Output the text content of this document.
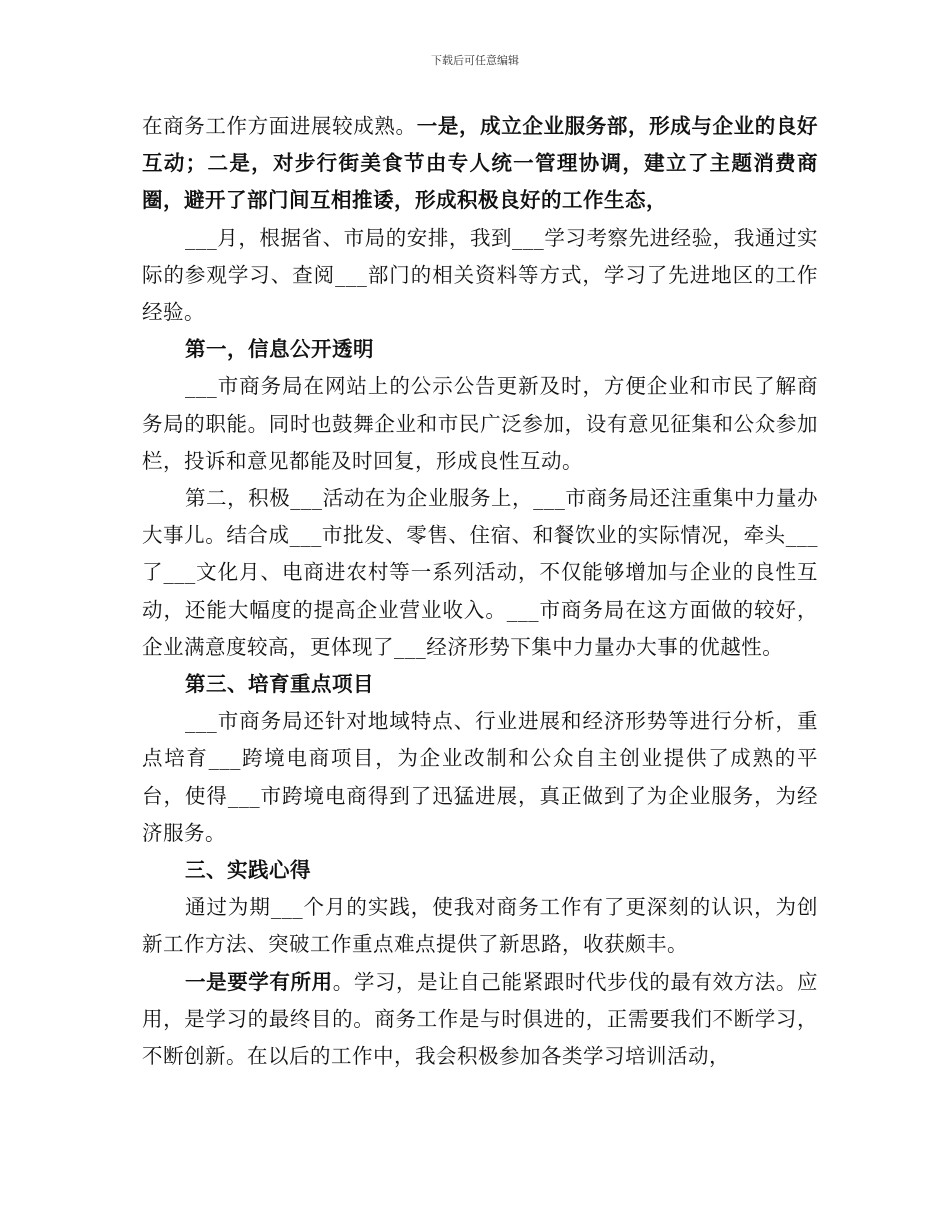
下载后可任意编辑

在商务工作方面进展较成熟。一是，成立企业服务部，形成与企业的良好互动；二是，对步行街美食节由专人统一管理协调，建立了主题消费商圈，避开了部门间互相推诿，形成积极良好的工作生态，

___月，根据省、市局的安排，我到___学习考察先进经验，我通过实际的参观学习、查阅___部门的相关资料等方式，学习了先进地区的工作经验。

第一，信息公开透明

___市商务局在网站上的公示公告更新及时，方便企业和市民了解商务局的职能。同时也鼓舞企业和市民广泛参加，设有意见征集和公众参加栏，投诉和意见都能及时回复，形成良性互动。

第二，积极___活动在为企业服务上，___市商务局还注重集中力量办大事儿。结合成___市批发、零售、住宿、和餐饮业的实际情况，牵头___了___文化月、电商进农村等一系列活动，不仅能够增加与企业的良性互动，还能大幅度的提高企业营业收入。___市商务局在这方面做的较好，企业满意度较高，更体现了___经济形势下集中力量办大事的优越性。

第三、培育重点项目

___市商务局还针对地域特点、行业进展和经济形势等进行分析，重点培育___跨境电商项目，为企业改制和公众自主创业提供了成熟的平台，使得___市跨境电商得到了迅猛进展，真正做到了为企业服务，为经济服务。

三、实践心得

通过为期___个月的实践，使我对商务工作有了更深刻的认识，为创新工作方法、突破工作重点难点提供了新思路，收获颇丰。

一是要学有所用。学习，是让自己能紧跟时代步伐的最有效方法。应用，是学习的最终目的。商务工作是与时俱进的，正需要我们不断学习，不断创新。在以后的工作中，我会积极参加各类学习培训活动，
